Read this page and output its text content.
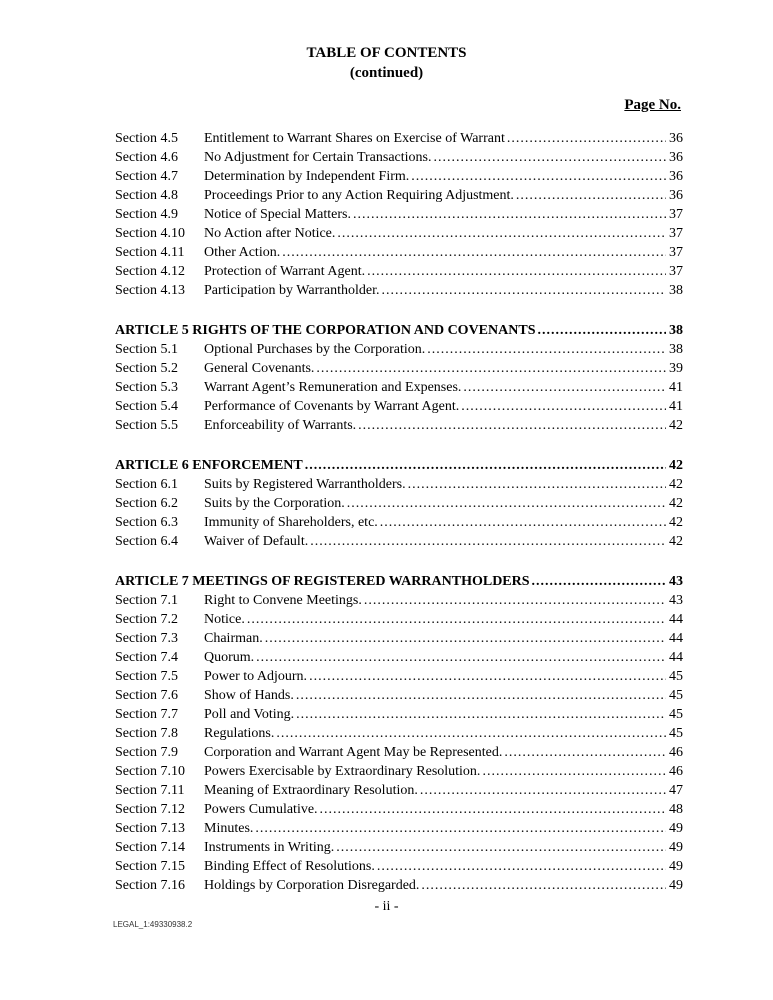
TABLE OF CONTENTS
(continued)
Page No.
Section 4.5	Entitlement to Warrant Shares on Exercise of Warrant .....	36
Section 4.6	No Adjustment for Certain Transactions. .....	36
Section 4.7	Determination by Independent Firm. .....	36
Section 4.8	Proceedings Prior to any Action Requiring Adjustment. .....	36
Section 4.9	Notice of Special Matters. .....	37
Section 4.10	No Action after Notice. .....	37
Section 4.11	Other Action. .....	37
Section 4.12	Protection of Warrant Agent. .....	37
Section 4.13	Participation by Warrantholder. .....	38
ARTICLE 5 RIGHTS OF THE CORPORATION AND COVENANTS .....	38
Section 5.1	Optional Purchases by the Corporation. .....	38
Section 5.2	General Covenants. .....	39
Section 5.3	Warrant Agent’s Remuneration and Expenses. .....	41
Section 5.4	Performance of Covenants by Warrant Agent. .....	41
Section 5.5	Enforceability of Warrants. .....	42
ARTICLE 6 ENFORCEMENT .....	42
Section 6.1	Suits by Registered Warrantholders. .....	42
Section 6.2	Suits by the Corporation. .....	42
Section 6.3	Immunity of Shareholders, etc. .....	42
Section 6.4	Waiver of Default. .....	42
ARTICLE 7 MEETINGS OF REGISTERED WARRANTHOLDERS .....	43
Section 7.1	Right to Convene Meetings. .....	43
Section 7.2	Notice. .....	44
Section 7.3	Chairman. .....	44
Section 7.4	Quorum. .....	44
Section 7.5	Power to Adjourn. .....	45
Section 7.6	Show of Hands. .....	45
Section 7.7	Poll and Voting. .....	45
Section 7.8	Regulations. .....	45
Section 7.9	Corporation and Warrant Agent May be Represented. .....	46
Section 7.10	Powers Exercisable by Extraordinary Resolution. .....	46
Section 7.11	Meaning of Extraordinary Resolution. .....	47
Section 7.12	Powers Cumulative. .....	48
Section 7.13	Minutes. .....	49
Section 7.14	Instruments in Writing. .....	49
Section 7.15	Binding Effect of Resolutions. .....	49
Section 7.16	Holdings by Corporation Disregarded. .....	49
- ii -
LEGAL_1:49330938.2
